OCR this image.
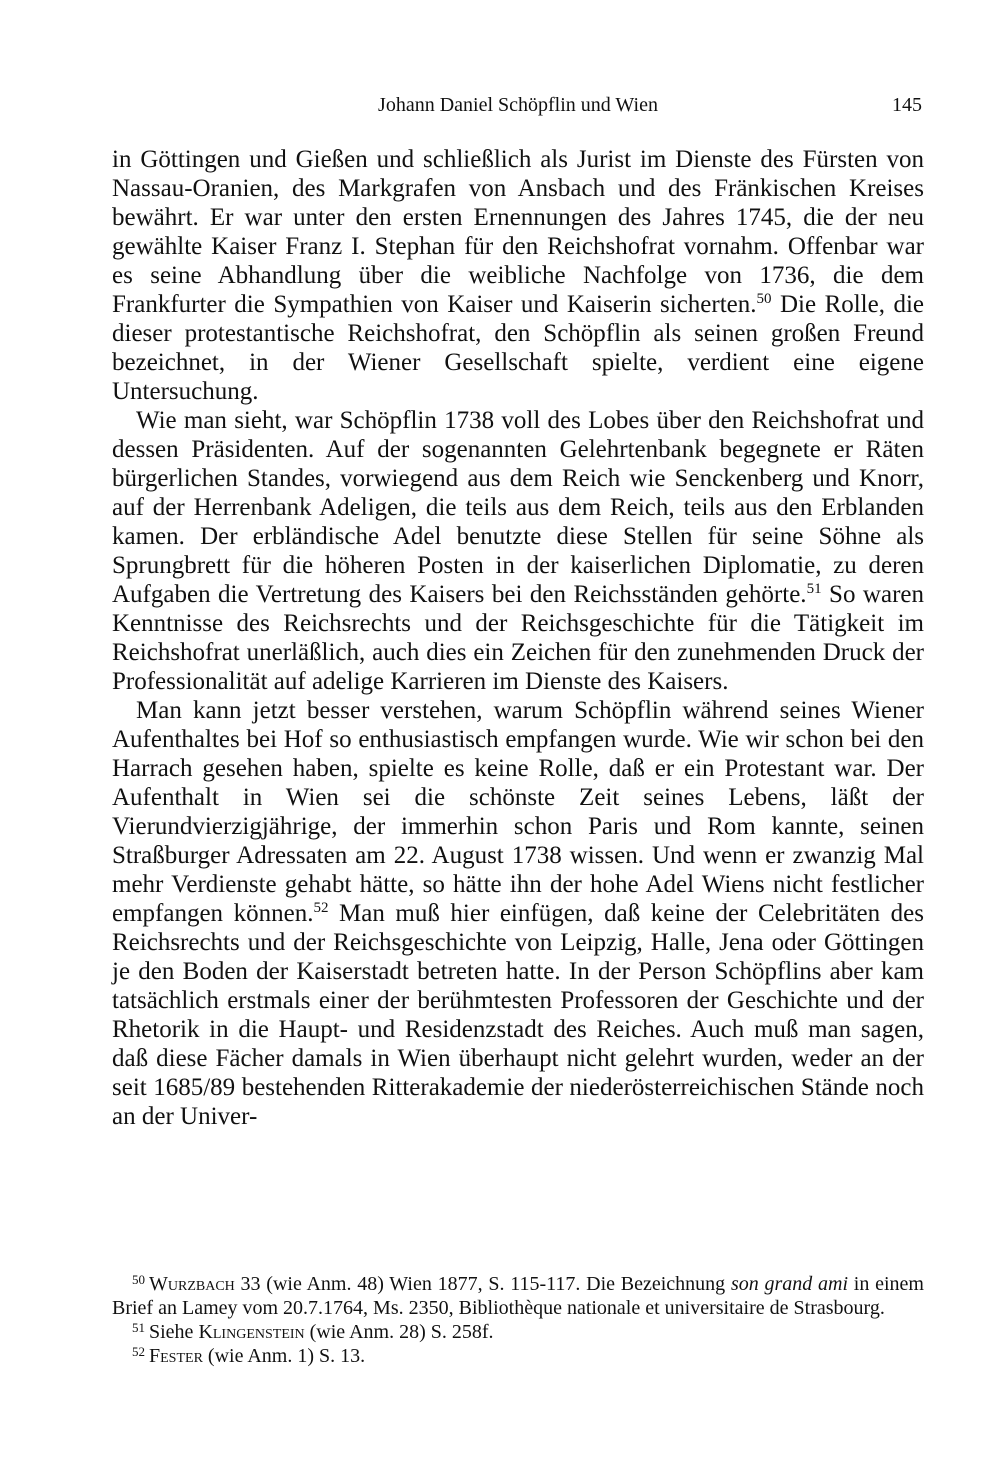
Johann Daniel Schöpflin und Wien	145

in Göttingen und Gießen und schließlich als Jurist im Dienste des Fürsten von Nassau-Oranien, des Markgrafen von Ansbach und des Fränkischen Kreises bewährt. Er war unter den ersten Ernennungen des Jahres 1745, die der neu gewählte Kaiser Franz I. Stephan für den Reichshofrat vornahm. Offenbar war es seine Abhandlung über die weibliche Nachfolge von 1736, die dem Frankfurter die Sympathien von Kaiser und Kaiserin sicherten.$^{50}$ Die Rolle, die dieser protestantische Reichshofrat, den Schöpflin als seinen großen Freund bezeichnet, in der Wiener Gesellschaft spielte, verdient eine eigene Untersuchung.

Wie man sieht, war Schöpflin 1738 voll des Lobes über den Reichshofrat und dessen Präsidenten. Auf der sogenannten Gelehrtenbank begegnete er Räten bürgerlichen Standes, vorwiegend aus dem Reich wie Senckenberg und Knorr, auf der Herrenbank Adeligen, die teils aus dem Reich, teils aus den Erblanden kamen. Der erbländische Adel benutzte diese Stellen für seine Söhne als Sprungbrett für die höheren Posten in der kaiserlichen Diplomatie, zu deren Aufgaben die Vertretung des Kaisers bei den Reichsständen gehörte.$^{51}$ So waren Kenntnisse des Reichsrechts und der Reichsgeschichte für die Tätigkeit im Reichshofrat unerläßlich, auch dies ein Zeichen für den zunehmenden Druck der Professionalität auf adelige Karrieren im Dienste des Kaisers.

Man kann jetzt besser verstehen, warum Schöpflin während seines Wiener Aufenthaltes bei Hof so enthusiastisch empfangen wurde. Wie wir schon bei den Harrach gesehen haben, spielte es keine Rolle, daß er ein Protestant war. Der Aufenthalt in Wien sei die schönste Zeit seines Lebens, läßt der Vierundvierzigjährige, der immerhin schon Paris und Rom kannte, seinen Straßburger Adressaten am 22. August 1738 wissen. Und wenn er zwanzig Mal mehr Verdienste gehabt hätte, so hätte ihn der hohe Adel Wiens nicht festlicher empfangen können.$^{52}$ Man muß hier einfügen, daß keine der Celebritäten des Reichsrechts und der Reichsgeschichte von Leipzig, Halle, Jena oder Göttingen je den Boden der Kaiserstadt betreten hatte. In der Person Schöpflins aber kam tatsächlich erstmals einer der berühmtesten Professoren der Geschichte und der Rhetorik in die Haupt- und Residenzstadt des Reiches. Auch muß man sagen, daß diese Fächer damals in Wien überhaupt nicht gelehrt wurden, weder an der seit 1685/89 bestehenden Ritterakademie der niederösterreichischen Stände noch an der Univer-

$^{50}$ Wurzbach 33 (wie Anm. 48) Wien 1877, S. 115-117. Die Bezeichnung son grand ami in einem Brief an Lamey vom 20.7.1764, Ms. 2350, Bibliothèque nationale et universitaire de Strasbourg.

$^{51}$ Siehe Klingenstein (wie Anm. 28) S. 258f.

$^{52}$ Fester (wie Anm. 1) S. 13.
